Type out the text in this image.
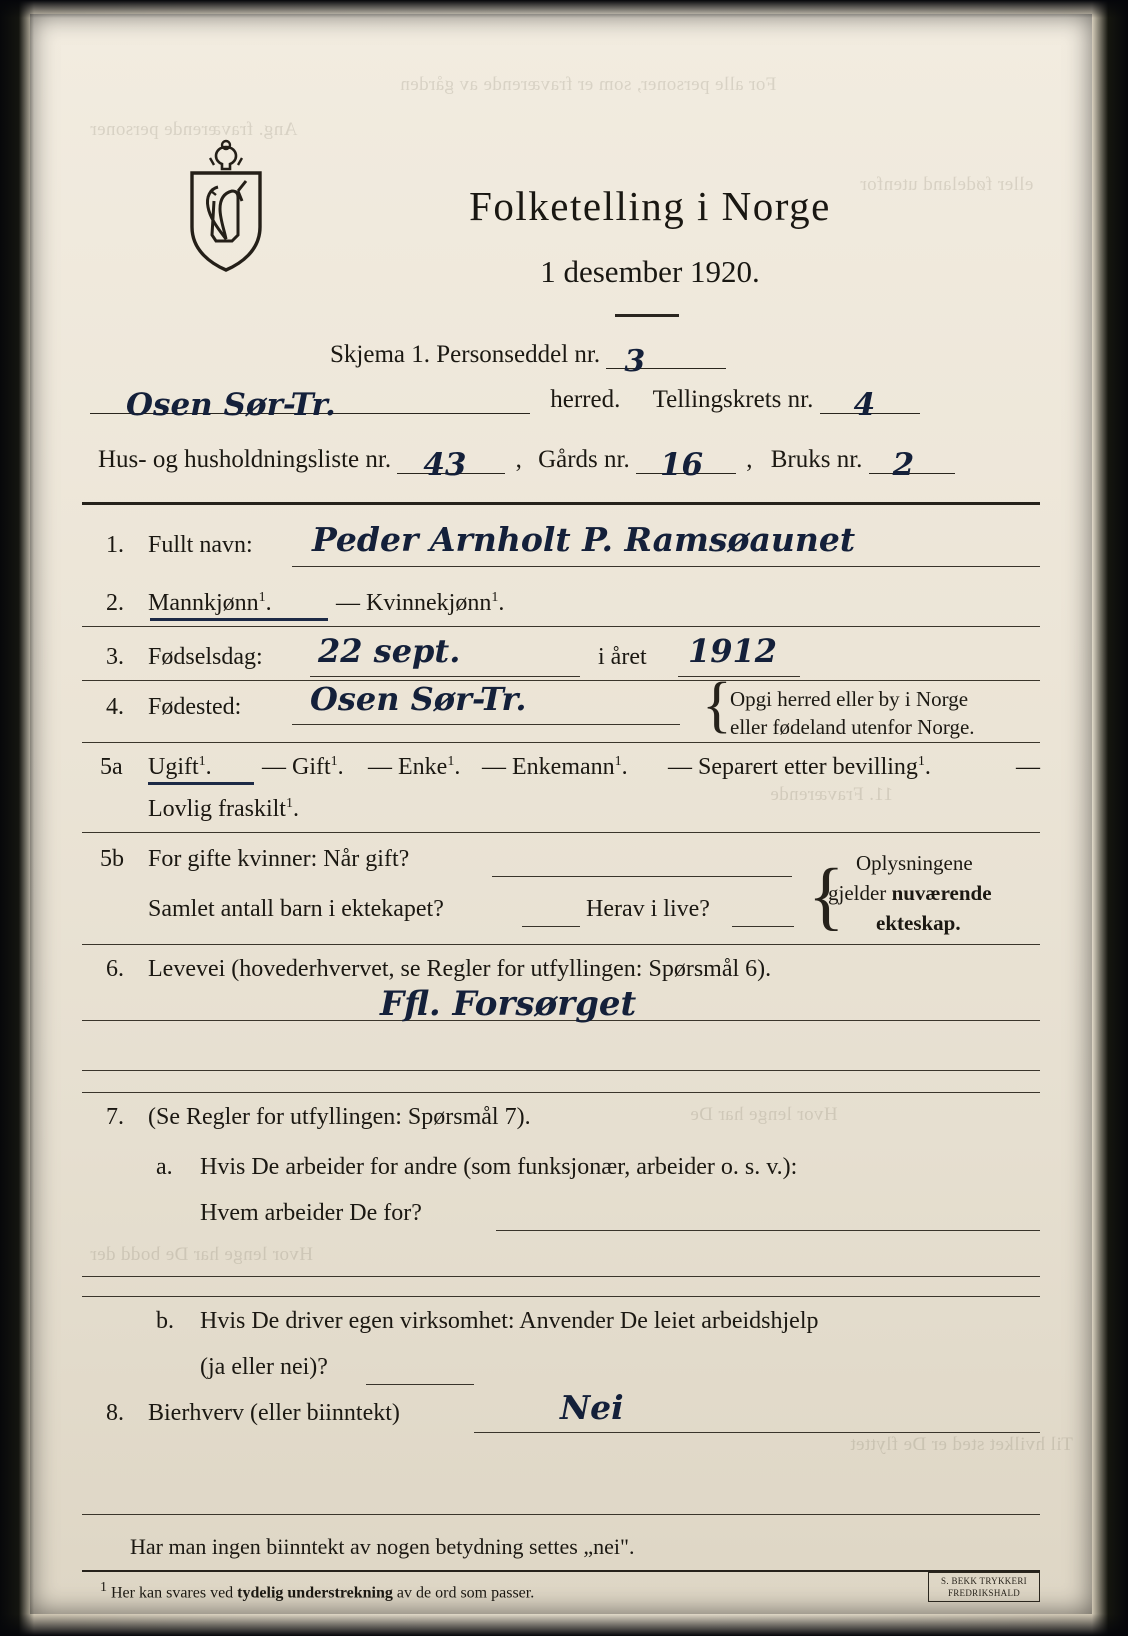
For alle personer, som er fraværende av gården
Ang. fraværende personer
eller fødeland utenfor
11. Fraværende
Hvor lenge har De
Hvor lenge har De bodd der
Til hvilket sted er De flyttet
Folketelling i Norge
1 desember 1920.
Skjema 1. Personseddel nr. 3
Osen Sør-Tr.	herred. Tellingskrets nr. 4
Hus- og husholdningsliste nr. 43 , Gårds nr. 16 , Bruks nr. 2
1. Fullt navn: Peder Arnholt P. Ramsøaunet
2. Mannkjønn$^1$.	— Kvinnekjønn$^1$.
3. Fødselsdag: 22 sept.	i året 1912
4. Fødested: Osen Sør-Tr.	{
Opgi herred eller by i Norge
eller fødeland utenfor Norge.
5a Ugift$^1$. — Gift$^1$. — Enke$^1$. — Enkemann$^1$. — Separert etter bevilling$^1$.	—
Lovlig fraskilt$^1$.
5b For gifte kvinner: Når gift?
Samlet antall barn i ektekapet?	Herav i live? { Oplysningene
gjelder nuværende
ekteskap.
6. Levevei (hovederhvervet, se Regler for utfyllingen: Spørsmål 6).
Ffl. Forsørget
7. (Se Regler for utfyllingen: Spørsmål 7).
a. Hvis De arbeider for andre (som funksjonær, arbeider o. s. v.):
Hvem arbeider De for?
b. Hvis De driver egen virksomhet: Anvender De leiet arbeidshjelp
(ja eller nei)?
8. Bierhverv (eller biinntekt)	Nei
Har man ingen biinntekt av nogen betydning settes „nei".
1 Her kan svares ved tydelig understrekning av de ord som passer.
S. BEKK TRYKKERI
FREDRIKSHALD
